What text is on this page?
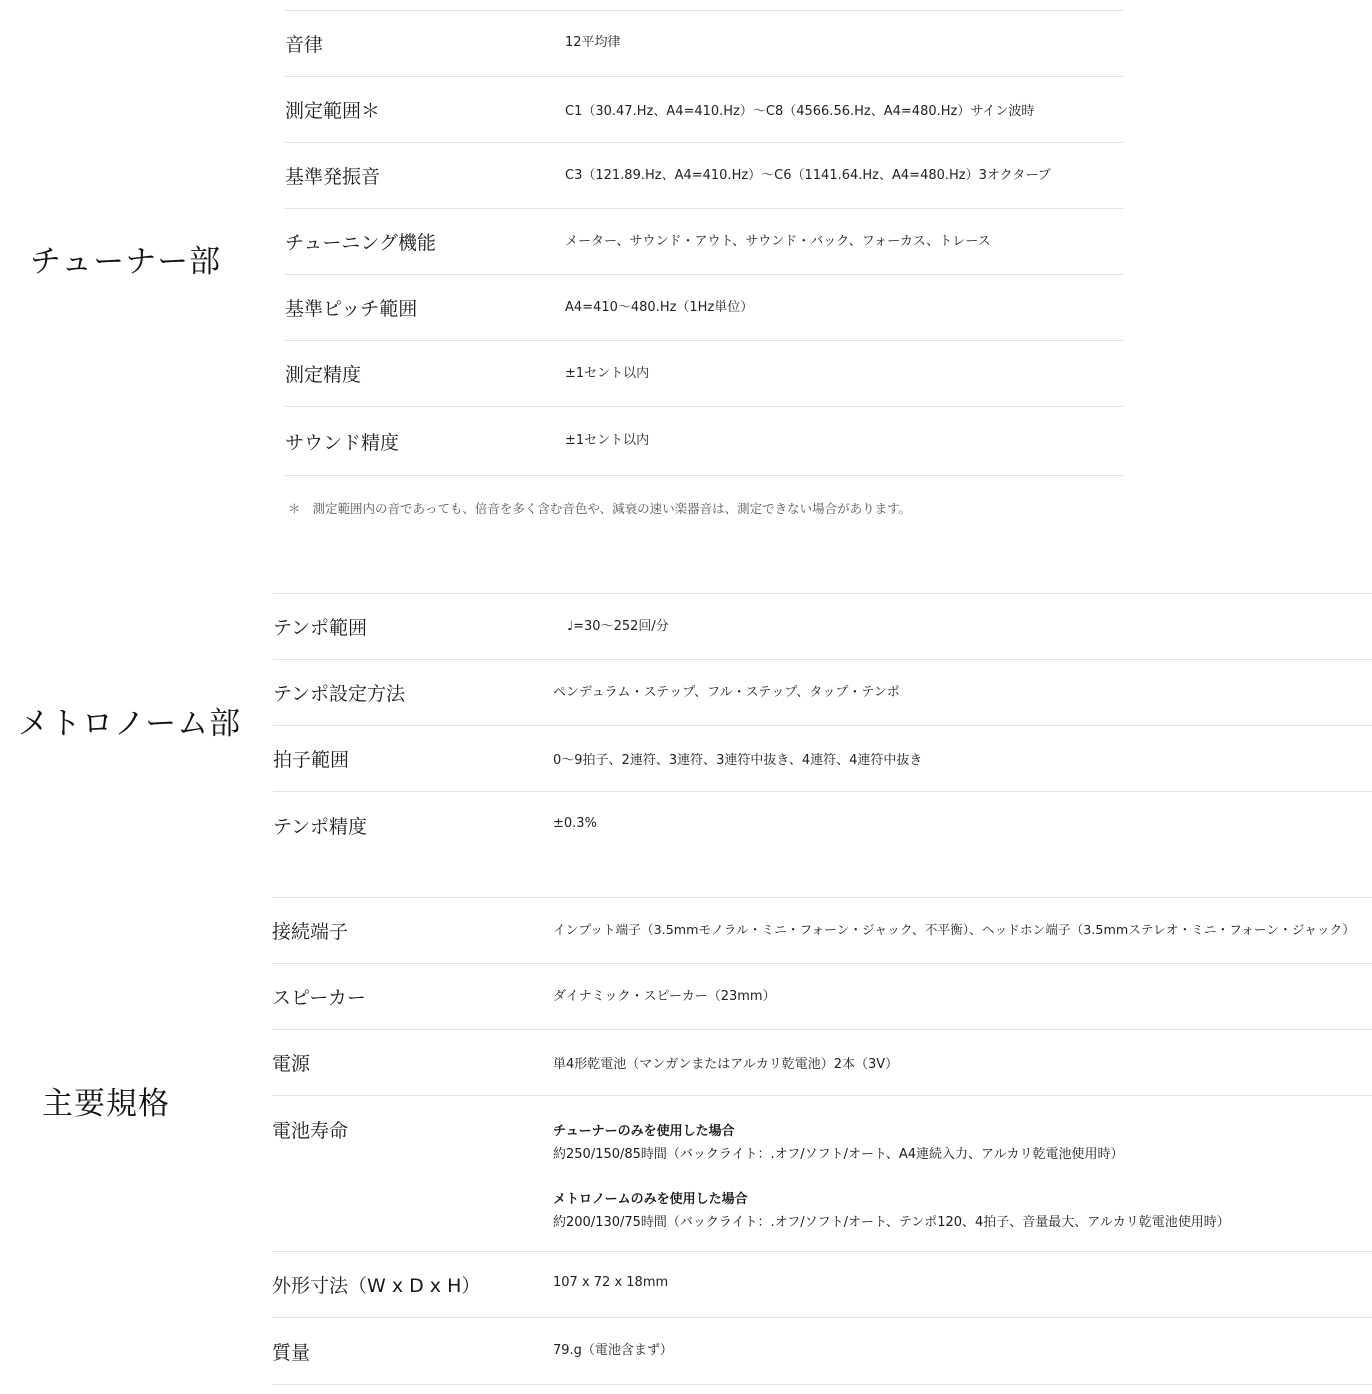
チューナー部
音律	12平均律
測定範囲＊	C1（30.47.Hz、A4=410.Hz）〜C8（4566.56.Hz、A4=480.Hz）サイン波時
基準発振音	C3（121.89.Hz、A4=410.Hz）〜C6（1141.64.Hz、A4=480.Hz）3オクターブ
チューニング機能	メーター、サウンド・アウト、サウンド・バック、フォーカス、トレース
基準ピッチ範囲	A4=410〜480.Hz（1Hz単位）
測定精度	±1セント以内
サウンド精度	±1セント以内

＊ 測定範囲内の音であっても、倍音を多く含む音色や、減衰の速い楽器音は、測定できない場合があります。

メトロノーム部
テンポ範囲	♩=30〜252回/分
テンポ設定方法	ペンデュラム・ステップ、フル・ステップ、タップ・テンポ
拍子範囲	0〜9拍子、2連符、3連符、3連符中抜き、4連符、4連符中抜き
テンポ精度	±0.3%
主要規格
接続端子	インプット端子（3.5mmモノラル・ミニ・フォーン・ジャック、不平衡）、ヘッドホン端子（3.5mmステレオ・ミニ・フォーン・ジャック）
スピーカー	ダイナミック・スピーカー（23mm）
電源	単4形乾電池（マンガンまたはアルカリ乾電池）2本（3V）
電池寿命	チューナーのみを使用した場合
約250/150/85時間（バックライト：.オフ/ソフト/オート、A4連続入力、アルカリ乾電池使用時）
メトロノームのみを使用した場合
約200/130/75時間（バックライト：.オフ/ソフト/オート、テンポ120、4拍子、音量最大、アルカリ乾電池使用時）
外形寸法（W x D x H）	107 x 72 x 18mm
質量	79.g（電池含まず）
